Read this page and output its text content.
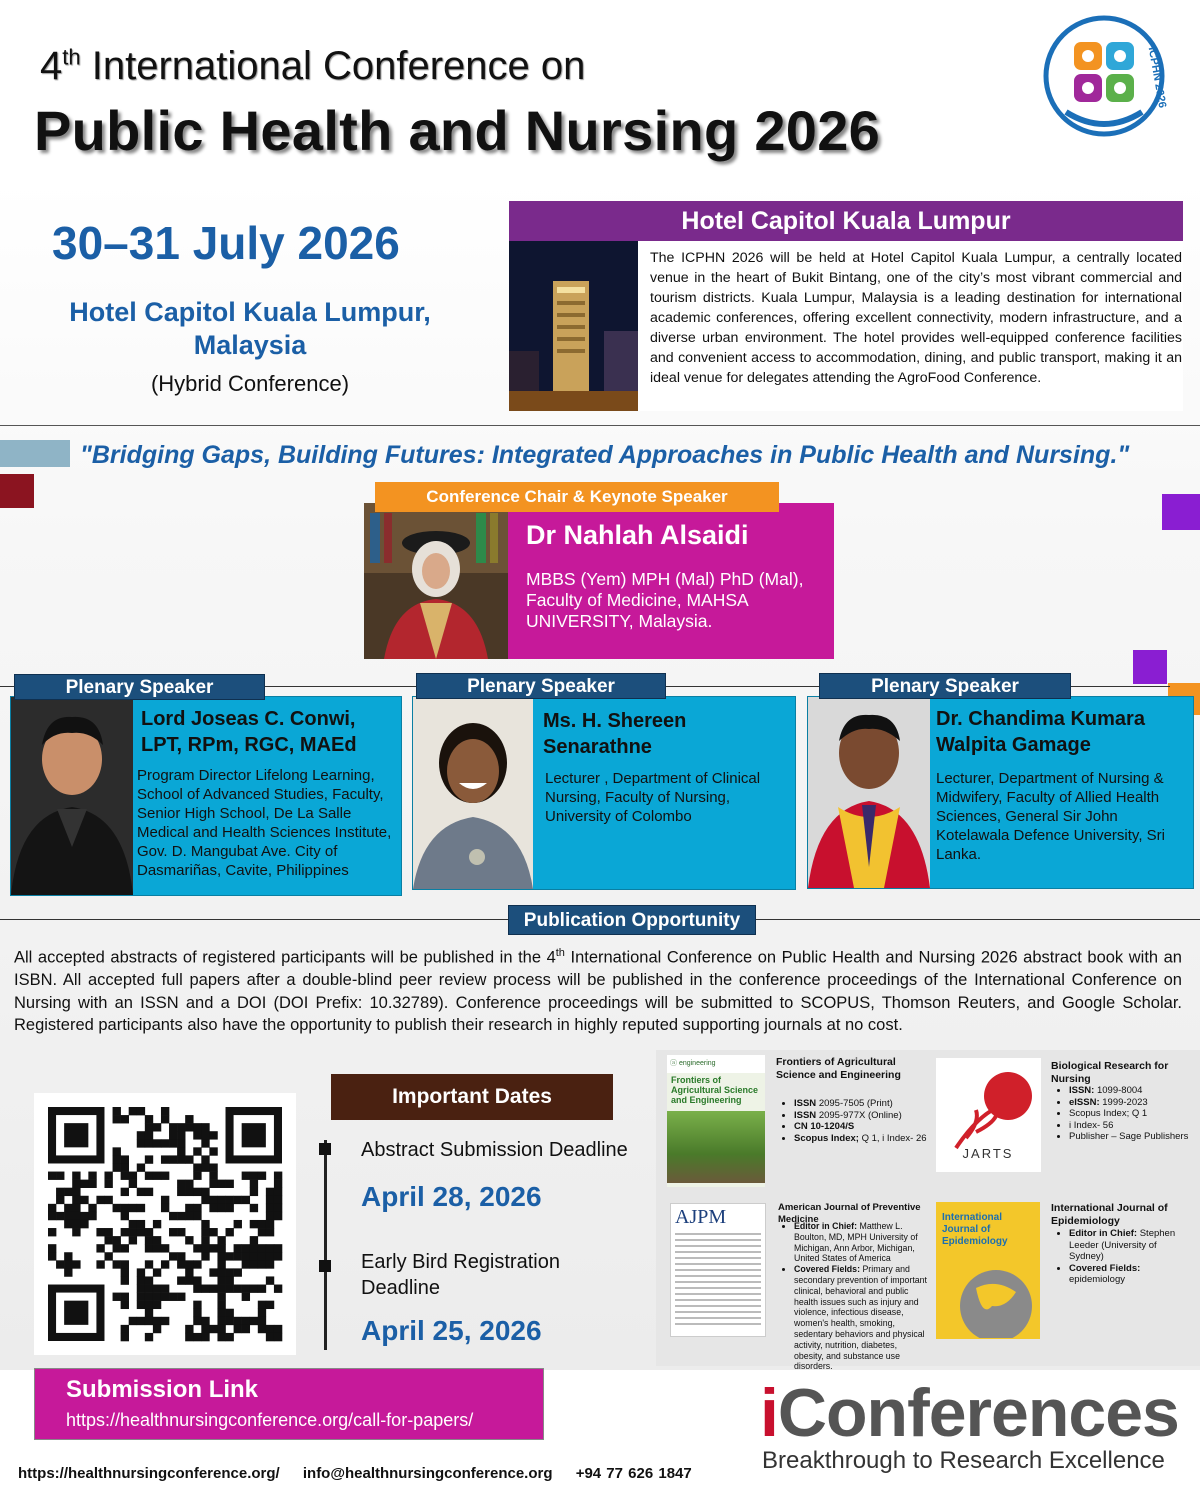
4th International Conference on
Public Health and Nursing 2026
ICPHN 2026
30–31 July 2026
Hotel Capitol Kuala Lumpur, Malaysia
(Hybrid Conference)
Hotel Capitol Kuala Lumpur
The ICPHN 2026 will be held at Hotel Capitol Kuala Lumpur, a centrally located venue in the heart of Bukit Bintang, one of the city’s most vibrant commercial and tourism districts. Kuala Lumpur, Malaysia is a leading destination for international academic conferences, offering excellent connectivity, modern infrastructure, and a diverse urban environment. The hotel provides well-equipped conference facilities and convenient access to accommodation, dining, and public transport, making it an ideal venue for delegates attending the AgroFood Conference.
"Bridging Gaps, Building Futures: Integrated Approaches in Public Health and Nursing."
Conference Chair & Keynote Speaker
Dr Nahlah Alsaidi
MBBS (Yem) MPH (Mal) PhD (Mal), Faculty of Medicine, MAHSA UNIVERSITY, Malaysia.
Plenary Speaker
Lord Joseas C. Conwi, LPT, RPm, RGC, MAEd
Program Director Lifelong Learning, School of Advanced Studies, Faculty, Senior High School, De La Salle Medical and Health Sciences Institute, Gov. D. Mangubat Ave. City of Dasmariñas, Cavite, Philippines
Plenary Speaker
Ms. H. Shereen Senarathne
Lecturer , Department of Clinical Nursing, Faculty of Nursing, University of Colombo
Plenary Speaker
Dr. Chandima Kumara Walpita Gamage
Lecturer, Department of Nursing & Midwifery, Faculty of Allied Health Sciences, General Sir John Kotelawala Defence University, Sri Lanka.
Publication Opportunity
All accepted abstracts of registered participants will be published in the 4th International Conference on Public Health and Nursing 2026 abstract book with an ISBN. All accepted full papers after a double-blind peer review process will be published in the conference proceedings of the International Conference on Nursing with an ISSN and a DOI (DOI Prefix: 10.32789). Conference proceedings will be submitted to SCOPUS, Thomson Reuters, and Google Scholar. Registered participants also have the opportunity to publish their research in highly reputed supporting journals at no cost.
Important Dates
Abstract Submission Deadline
April 28, 2026
Early Bird Registration Deadline
April 25, 2026
ⓐ engineering
Frontiers of Agricultural Science and Engineering
Frontiers of Agricultural Science and Engineering
• ISSN 2095-7505 (Print)
• ISSN 2095-977X (Online)
• CN 10-1204/S
• Scopus Index; Q 1, i Index- 26
JARTS
Biological Research for Nursing
• ISSN: 1099-8004
• eISSN: 1999-2023
• Scopus Index; Q 1
• i Index- 56
• Publisher – Sage Publishers
AJPM	American Journal of Preventive Medicine
• Editor in Chief: Matthew L. Boulton, MD, MPH University of Michigan, Ann Arbor, Michigan, United States of America
• Covered Fields: Primary and secondary prevention of important clinical, behavioral and public health issues such as injury and violence, infectious disease, women's health, smoking, sedentary behaviors and physical activity, nutrition, diabetes, obesity, and substance use disorders.
International Journal of Epidemiology
International Journal of Epidemiology
• Editor in Chief: Stephen Leeder (University of Sydney)
• Covered Fields: epidemiology
Submission Link
https://healthnursingconference.org/call-for-papers/
https://healthnursingconference.org/ info@healthnursingconference.org +94 77 626 1847
iConferences
Breakthrough to Research Excellence
